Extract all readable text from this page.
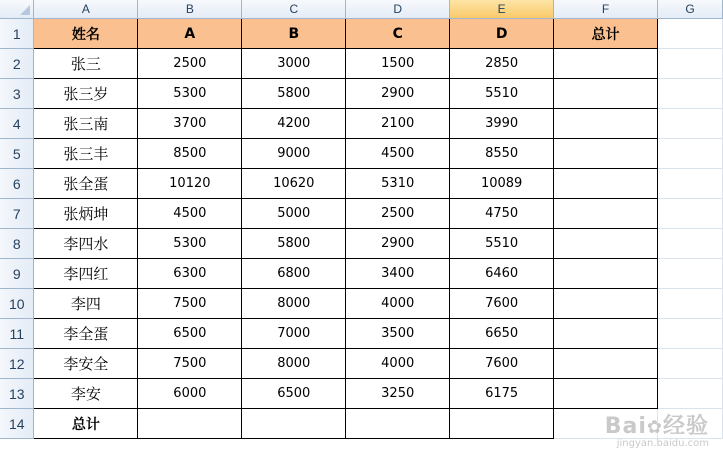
	A	B	C	D	E	F	G
1	姓名	A	B	C	D	总计	
2	张三	2500	3000	1500	2850		
3	张三岁	5300	5800	2900	5510		
4	张三南	3700	4200	2100	3990		
5	张三丰	8500	9000	4500	8550		
6	张全蛋	10120	10620	5310	10089		
7	张炳坤	4500	5000	2500	4750		
8	李四水	5300	5800	2900	5510		
9	李四红	6300	6800	3400	6460		
10	李四	7500	8000	4000	7600		
11	李全蛋	6500	7000	3500	6650		
12	李安全	7500	8000	4000	7600		
13	李安	6000	6500	3250	6175		
14	总计							Bai✿经验
jingyan.baidu.com
